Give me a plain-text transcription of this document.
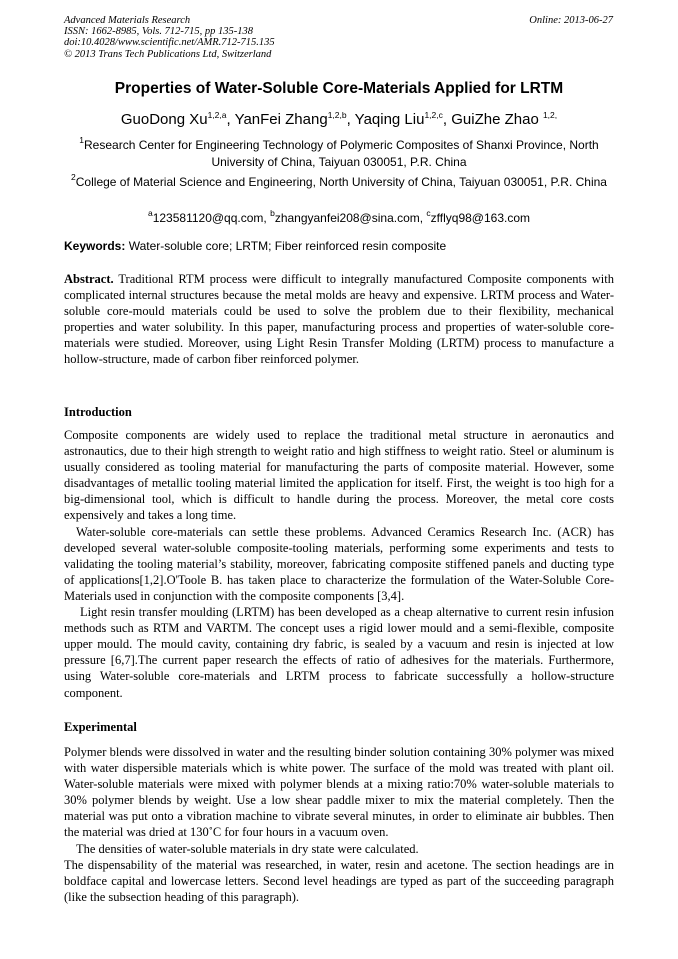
Advanced Materials Research
ISSN: 1662-8985, Vols. 712-715, pp 135-138
doi:10.4028/www.scientific.net/AMR.712-715.135
© 2013 Trans Tech Publications Ltd, Switzerland
Online: 2013-06-27
Properties of Water-Soluble Core-Materials Applied for LRTM
GuoDong Xu$^{1,2,a}$, YanFei Zhang$^{1,2,b}$, Yaqing Liu$^{1,2,c}$, GuiZhe Zhao $^{1,2,}$
$^1$Research Center for Engineering Technology of Polymeric Composites of Shanxi Province, North University of China, Taiyuan 030051, P.R. China
$^2$College of Material Science and Engineering, North University of China, Taiyuan 030051, P.R. China
$^a$123581120@qq.com, $^b$zhangyanfei208@sina.com, $^c$zfflyq98@163.com
Keywords: Water-soluble core; LRTM; Fiber reinforced resin composite

Abstract. Traditional RTM process were difficult to integrally manufactured Composite components with complicated internal structures because the metal molds are heavy and expensive. LRTM process and Water-soluble core-mould materials could be used to solve the problem due to their flexibility, mechanical properties and water solubility. In this paper, manufacturing process and properties of water-soluble core-materials were studied. Moreover, using Light Resin Transfer Molding (LRTM) process to manufacture a hollow-structure, made of carbon fiber reinforced polymer.

Introduction

Composite components are widely used to replace the traditional metal structure in aeronautics and astronautics, due to their high strength to weight ratio and high stiffness to weight ratio. Steel or aluminum is usually considered as tooling material for manufacturing the parts of composite material. However, some disadvantages of metallic tooling material limited the application for itself. First, the weight is too high for a big-dimensional tool, which is difficult to handle during the process. Moreover, the metal core costs expensively and takes a long time.

Water-soluble core-materials can settle these problems. Advanced Ceramics Research Inc. (ACR) has developed several water-soluble composite-tooling materials, performing some experiments and tests to validating the tooling material’s stability, moreover, fabricating composite stiffened panels and ducting type of applications[1,2].O'Toole B. has taken place to characterize the formulation of the Water-Soluble Core-Materials used in conjunction with the composite components [3,4].

Light resin transfer moulding (LRTM) has been developed as a cheap alternative to current resin infusion methods such as RTM and VARTM. The concept uses a rigid lower mould and a semi-flexible, composite upper mould. The mould cavity, containing dry fabric, is sealed by a vacuum and resin is injected at low pressure [6,7].The current paper research the effects of ratio of adhesives for the materials. Furthermore, using Water-soluble core-materials and LRTM process to fabricate successfully a hollow-structure component.

Experimental

Polymer blends were dissolved in water and the resulting binder solution containing 30% polymer was mixed with water dispersible materials which is white power. The surface of the mold was treated with plant oil. Water-soluble materials were mixed with polymer blends at a mixing ratio:70% water-soluble materials to 30% polymer blends by weight. Use a low shear paddle mixer to mix the material completely. Then the material was put onto a vibration machine to vibrate several minutes, in order to eliminate air bubbles. Then the material was dried at 130˚C for four hours in a vacuum oven.

The densities of water-soluble materials in dry state were calculated.

The dispensability of the material was researched, in water, resin and acetone. The section headings are in boldface capital and lowercase letters. Second level headings are typed as part of the succeeding paragraph (like the subsection heading of this paragraph).
